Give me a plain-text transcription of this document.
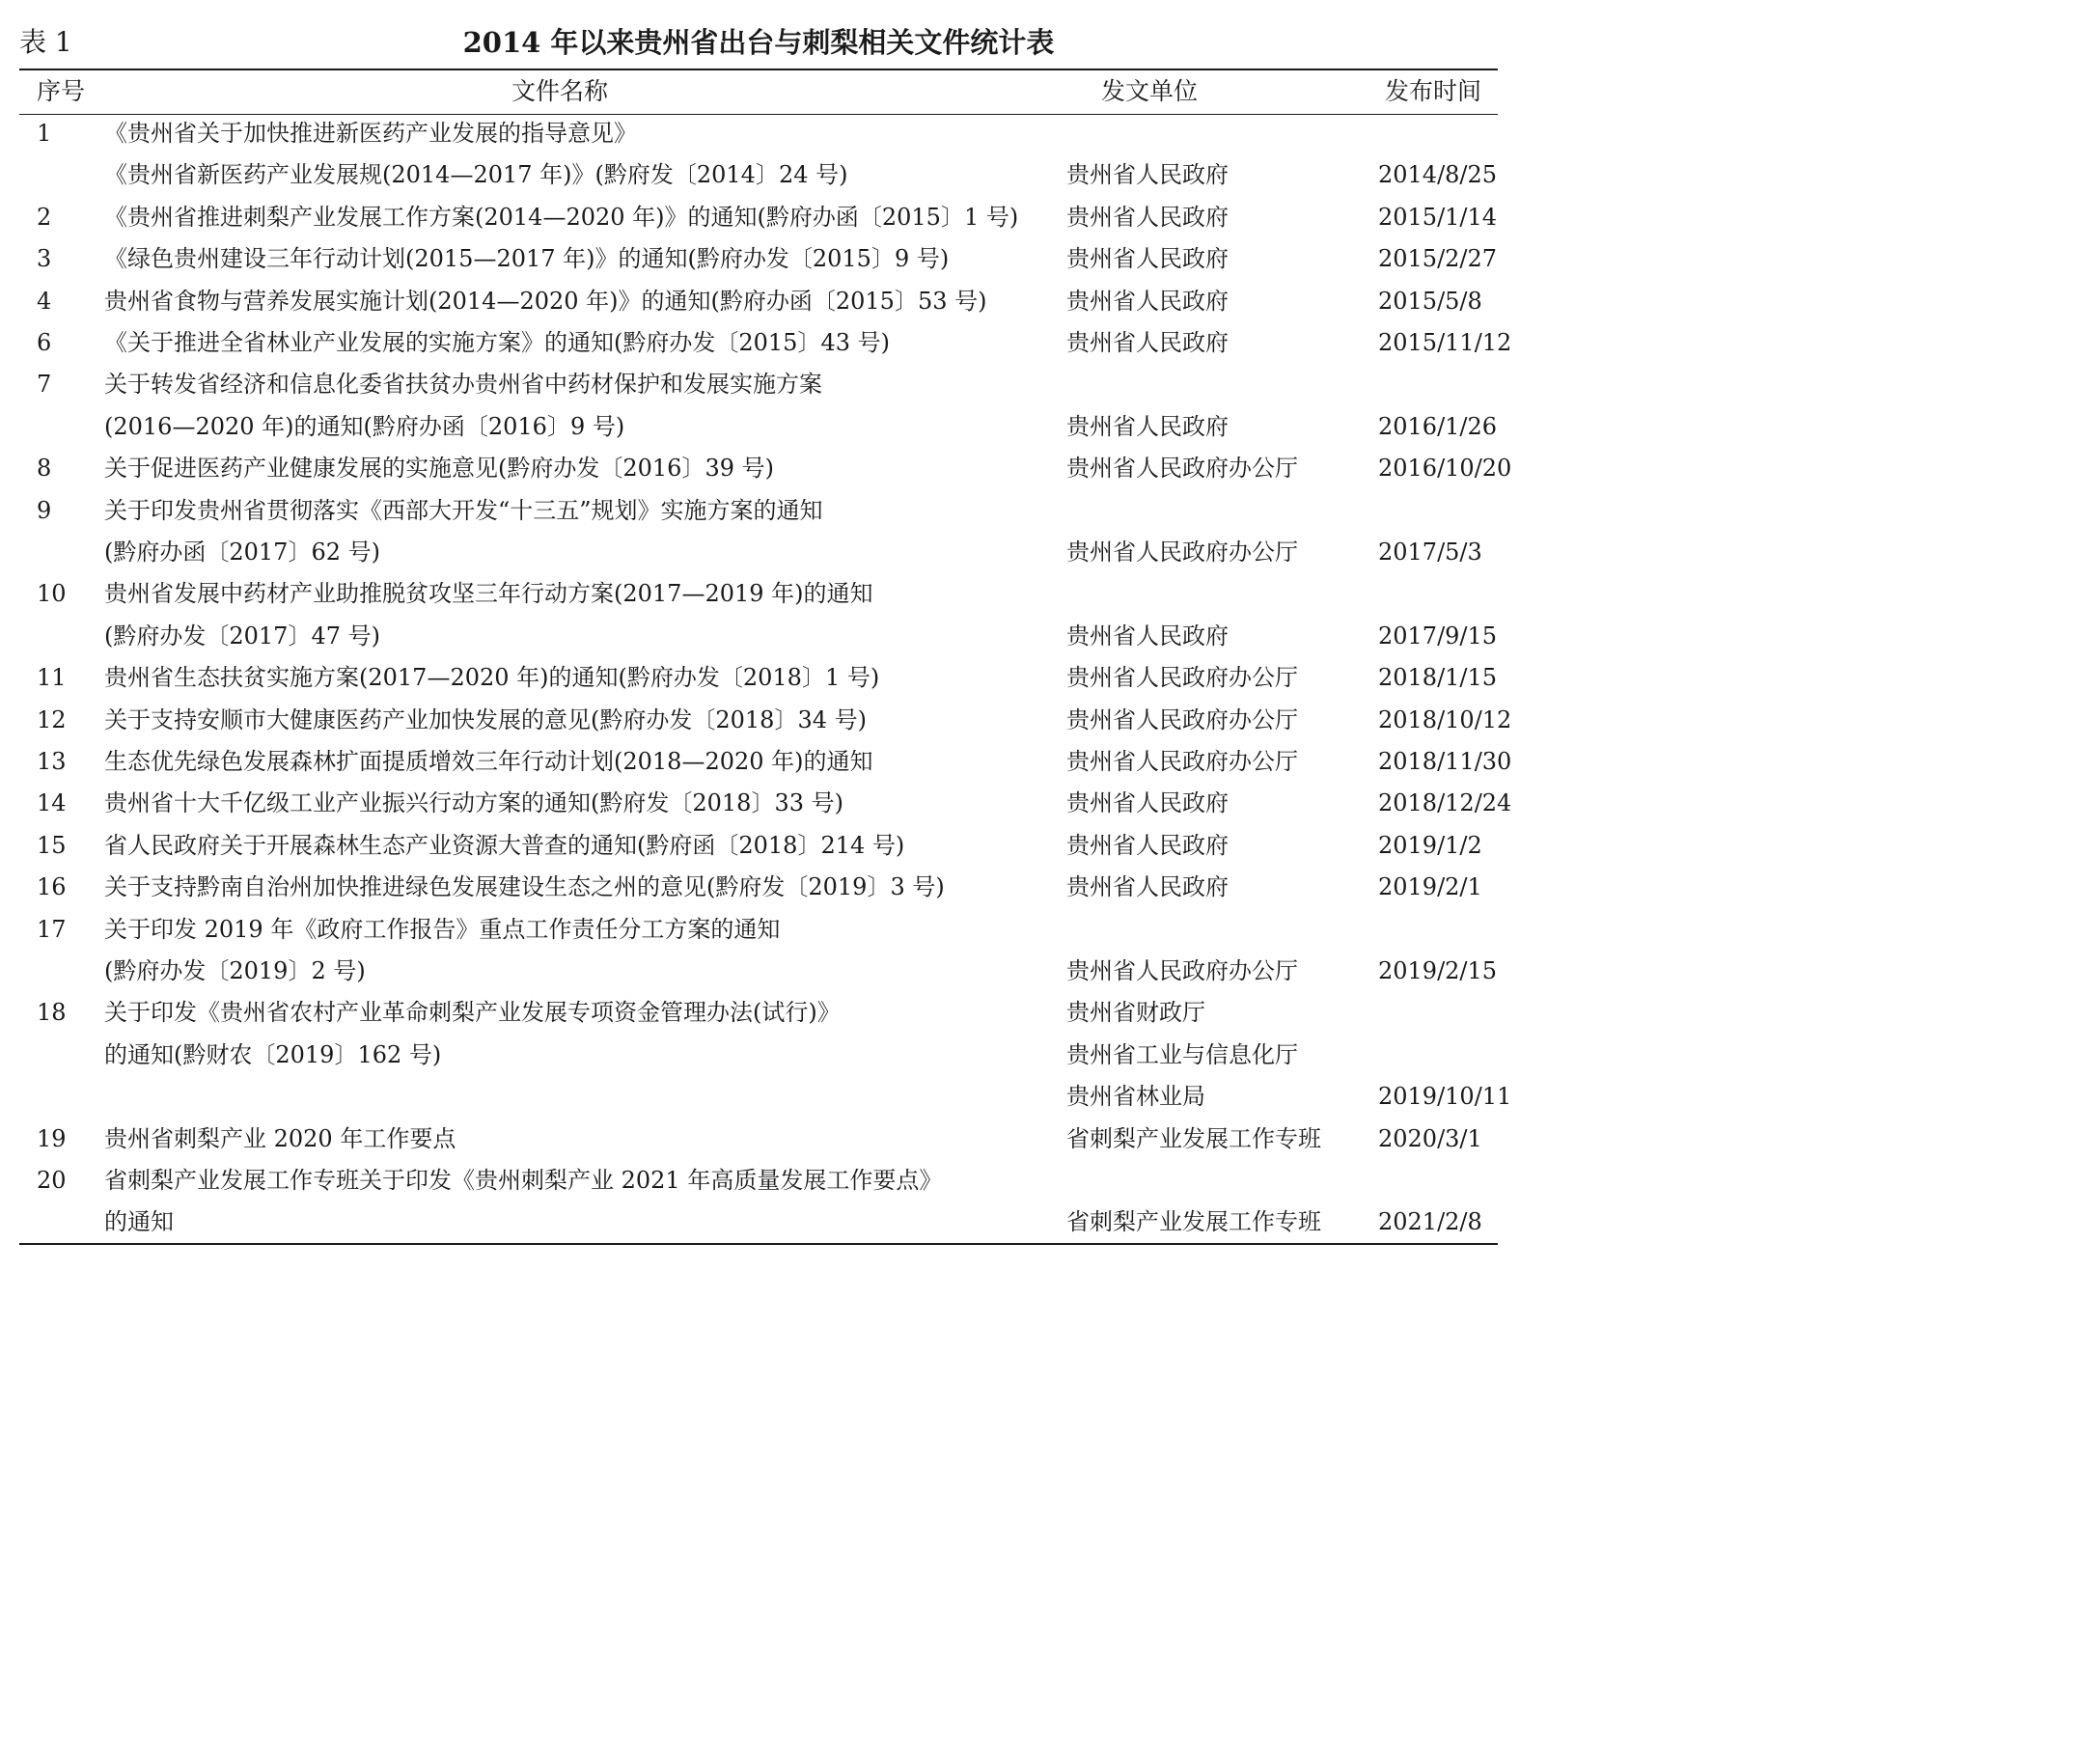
表 1	2014 年以来贵州省出台与刺梨相关文件统计表
序号	文件名称	发文单位	发布时间
1 《贵州省关于加快推进新医药产业发展的指导意见》
《贵州省新医药产业发展规(2014—2017 年)》(黔府发〔2014〕24 号)	贵州省人民政府	2014/8/25
2 《贵州省推进刺梨产业发展工作方案(2014—2020 年)》的通知(黔府办函〔2015〕1 号) 贵州省人民政府	2015/1/14
3 《绿色贵州建设三年行动计划(2015—2017 年)》的通知(黔府办发〔2015〕9 号)	贵州省人民政府	2015/2/27
4 贵州省食物与营养发展实施计划(2014—2020 年)》的通知(黔府办函〔2015〕53 号)	贵州省人民政府	2015/5/8
6 《关于推进全省林业产业发展的实施方案》的通知(黔府办发〔2015〕43 号)	贵州省人民政府	2015/11/12
7 关于转发省经济和信息化委省扶贫办贵州省中药材保护和发展实施方案
(2016—2020 年)的通知(黔府办函〔2016〕9 号)	贵州省人民政府	2016/1/26
8 关于促进医药产业健康发展的实施意见(黔府办发〔2016〕39 号)	贵州省人民政府办公厅	2016/10/20
9 关于印发贵州省贯彻落实《西部大开发“十三五”规划》实施方案的通知
(黔府办函〔2017〕62 号)	贵州省人民政府办公厅	2017/5/3
10 贵州省发展中药材产业助推脱贫攻坚三年行动方案(2017—2019 年)的通知
(黔府办发〔2017〕47 号)	贵州省人民政府	2017/9/15
11 贵州省生态扶贫实施方案(2017—2020 年)的通知(黔府办发〔2018〕1 号)	贵州省人民政府办公厅	2018/1/15
12 关于支持安顺市大健康医药产业加快发展的意见(黔府办发〔2018〕34 号)	贵州省人民政府办公厅	2018/10/12
13 生态优先绿色发展森林扩面提质增效三年行动计划(2018—2020 年)的通知	贵州省人民政府办公厅	2018/11/30
14 贵州省十大千亿级工业产业振兴行动方案的通知(黔府发〔2018〕33 号)	贵州省人民政府	2018/12/24
15 省人民政府关于开展森林生态产业资源大普查的通知(黔府函〔2018〕214 号)	贵州省人民政府	2019/1/2
16 关于支持黔南自治州加快推进绿色发展建设生态之州的意见(黔府发〔2019〕3 号)	贵州省人民政府	2019/2/1
17 关于印发 2019 年《政府工作报告》重点工作责任分工方案的通知
(黔府办发〔2019〕2 号)	贵州省人民政府办公厅	2019/2/15
18 关于印发《贵州省农村产业革命刺梨产业发展专项资金管理办法(试行)》	贵州省财政厅
的通知(黔财农〔2019〕162 号)	贵州省工业与信息化厅
贵州省林业局	2019/10/11
19 贵州省刺梨产业 2020 年工作要点	省刺梨产业发展工作专班 2020/3/1
20 省刺梨产业发展工作专班关于印发《贵州刺梨产业 2021 年高质量发展工作要点》
的通知	省刺梨产业发展工作专班 2021/2/8
